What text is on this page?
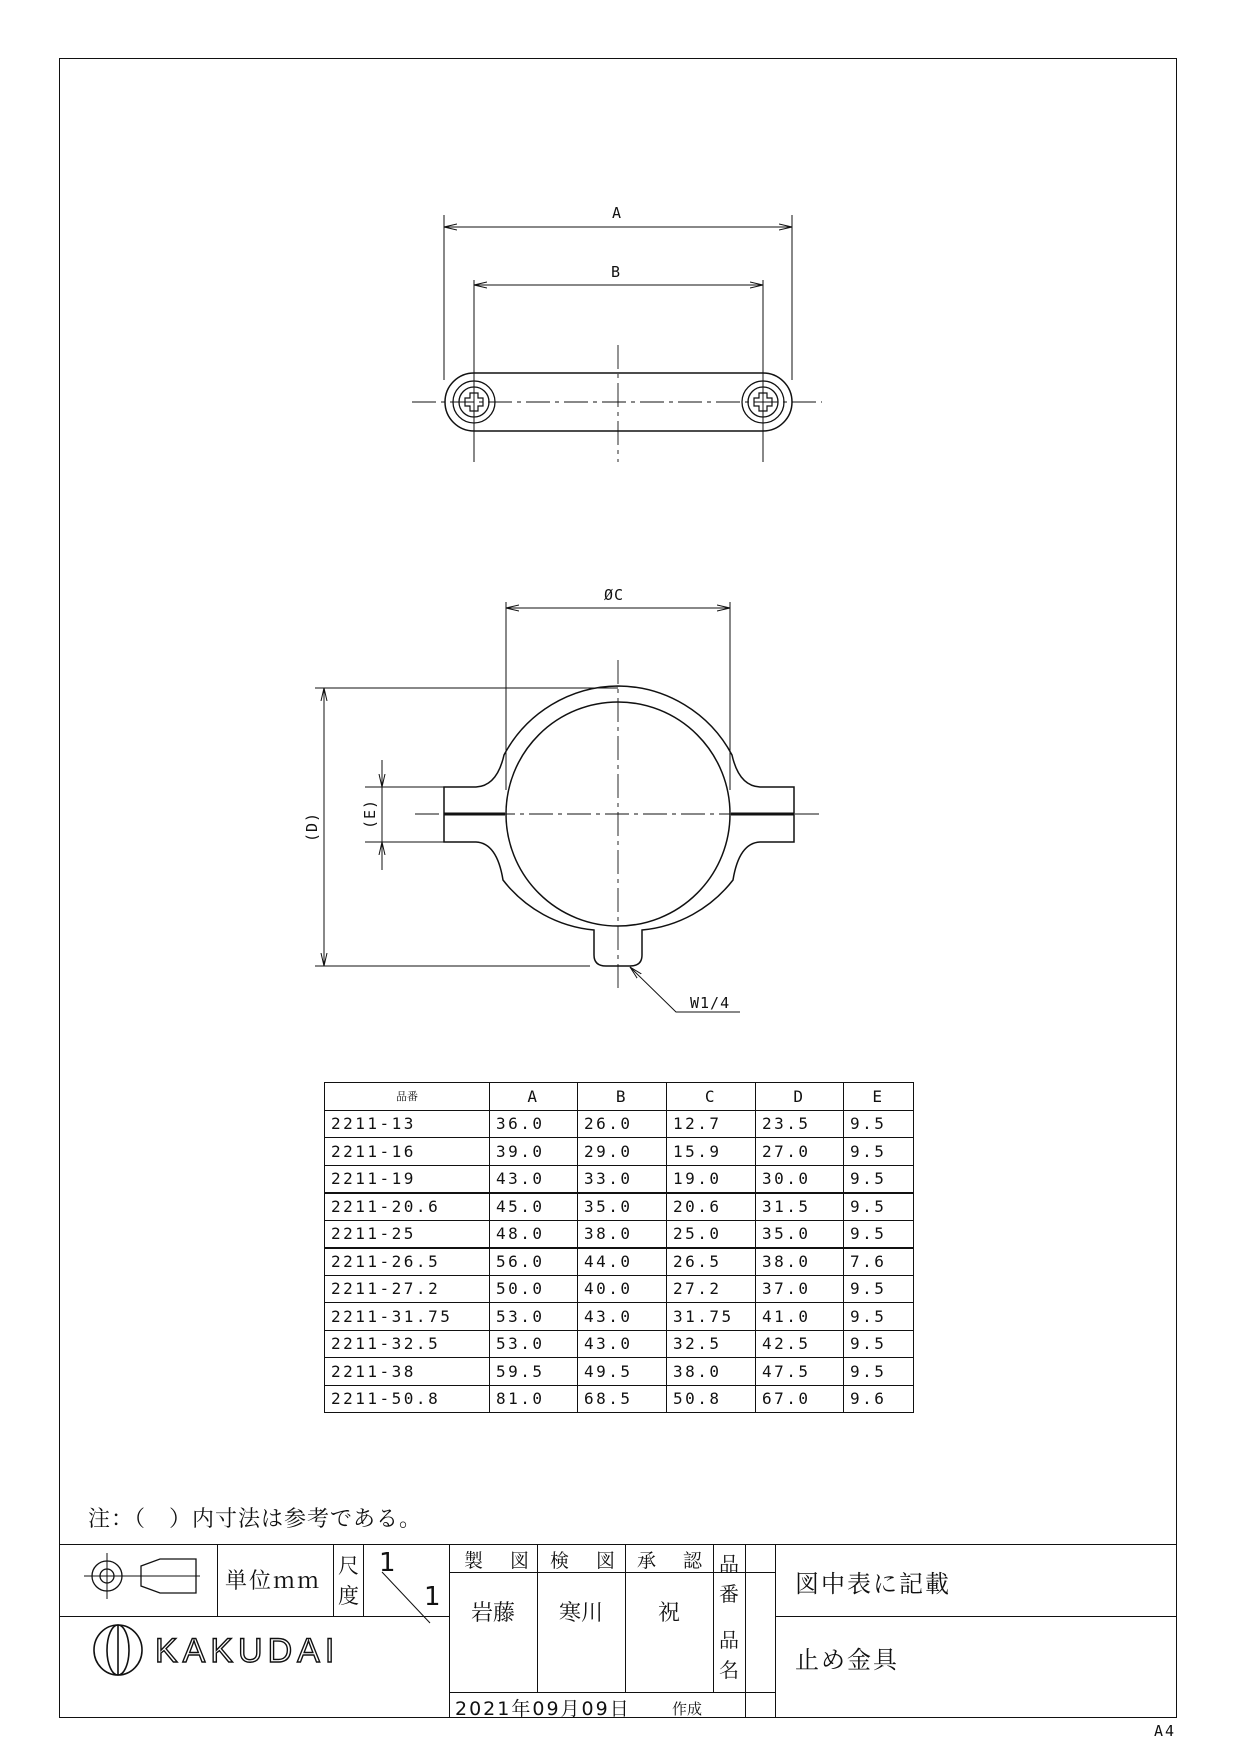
A
B
ØC
(D)	(E)
W1/4
品番	A	B	C	D	E
2211-13	36.0	26.0	12.7	23.5	9.5
2211-16	39.0	29.0	15.9	27.0	9.5
2211-19	43.0	33.0	19.0	30.0	9.5
2211-20.6	45.0	35.0	20.6	31.5	9.5
2211-25	48.0	38.0	25.0	35.0	9.5
2211-26.5	56.0	44.0	26.5	38.0	7.6
2211-27.2	50.0	40.0	27.2	37.0	9.5
2211-31.75	53.0	43.0	31.75	41.0	9.5
2211-32.5	53.0	43.0	32.5	42.5	9.5
2211-38	59.5	49.5	38.0	47.5	9.5
2211-50.8	81.0	68.5	50.8	67.0	9.6
注：（　）内寸法は参考である。
単位ｍｍ
尺
度
1
1
製　図 検　図 承　認
岩藤 寒川 祝
品
番 図中表に記載
品
名 止め金具
KAKUDAI
2021年09月09日	作成
A4
